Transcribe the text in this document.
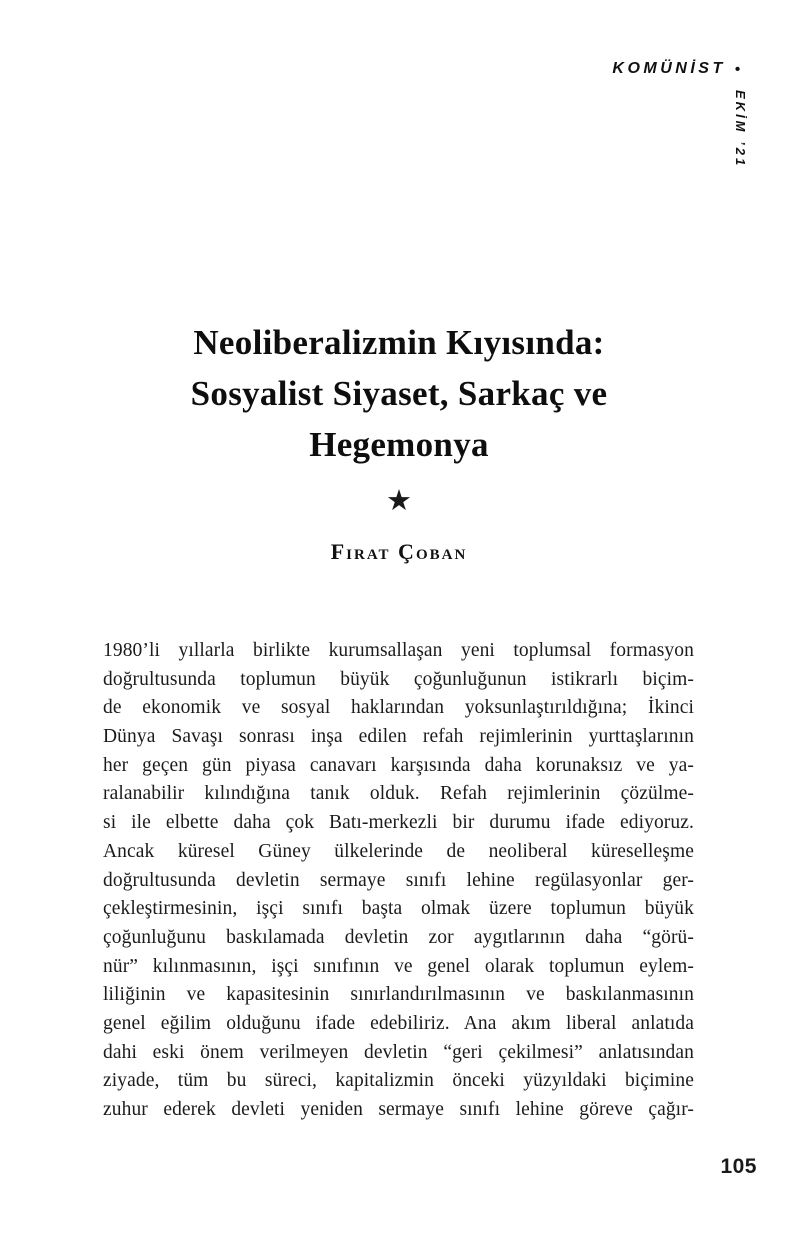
KOMÜNİST •
EKİM ’21
Neoliberalizmin Kıyısında:
Sosyalist Siyaset, Sarkaç ve
Hegemonya
★
Fırat Çoban
1980’li yıllarla birlikte kurumsallaşan yeni toplumsal formasyon
doğrultusunda toplumun büyük çoğunluğunun istikrarlı biçim-
de ekonomik ve sosyal haklarından yoksunlaştırıldığına; İkinci
Dünya Savaşı sonrası inşa edilen refah rejimlerinin yurttaşlarının
her geçen gün piyasa canavarı karşısında daha korunaksız ve ya-
ralanabilir kılındığına tanık olduk. Refah rejimlerinin çözülme-
si ile elbette daha çok Batı-merkezli bir durumu ifade ediyoruz.
Ancak küresel Güney ülkelerinde de neoliberal küreselleşme
doğrultusunda devletin sermaye sınıfı lehine regülasyonlar ger-
çekleştirmesinin, işçi sınıfı başta olmak üzere toplumun büyük
çoğunluğunu baskılamada devletin zor aygıtlarının daha “görü-
nür” kılınmasının, işçi sınıfının ve genel olarak toplumun eylem-
liliğinin ve kapasitesinin sınırlandırılmasının ve baskılanmasının
genel eğilim olduğunu ifade edebiliriz. Ana akım liberal anlatıda
dahi eski önem verilmeyen devletin “geri çekilmesi” anlatısından
ziyade, tüm bu süreci, kapitalizmin önceki yüzyıldaki biçimine
zuhur ederek devleti yeniden sermaye sınıfı lehine göreve çağır-
105
